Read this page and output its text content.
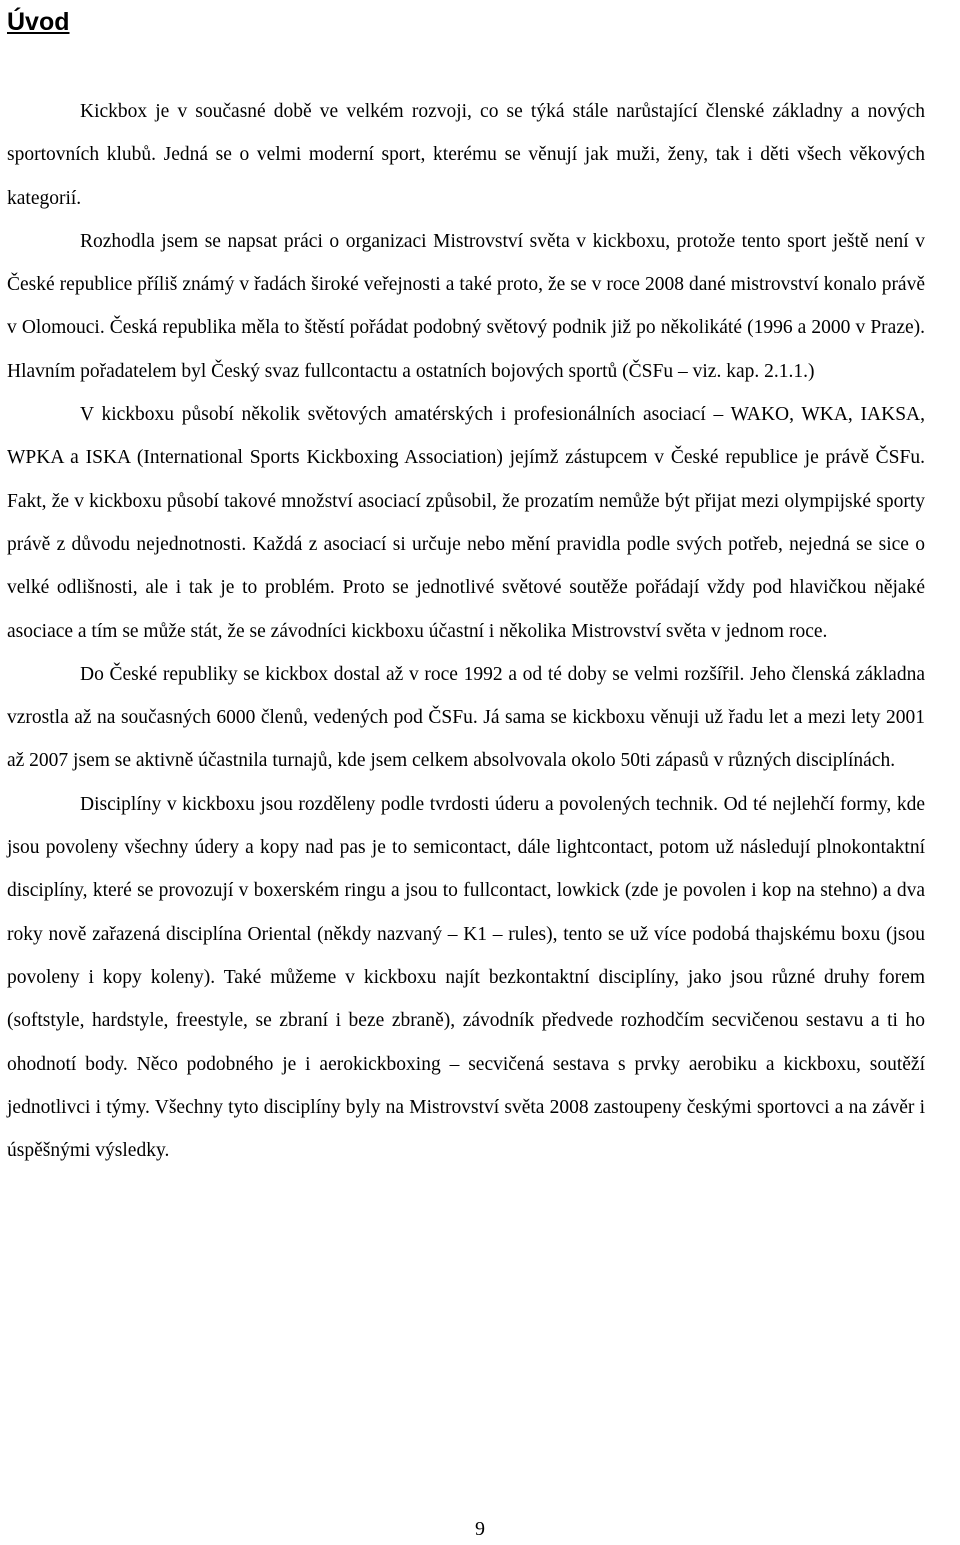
Úvod

Kickbox je v současné době ve velkém rozvoji, co se týká stále narůstající členské základny a nových sportovních klubů. Jedná se o velmi moderní sport, kterému se věnují jak muži, ženy, tak i děti všech věkových kategorií.

Rozhodla jsem se napsat práci o organizaci Mistrovství světa v kickboxu, protože tento sport ještě není v České republice příliš známý v řadách široké veřejnosti a také proto, že se v roce 2008 dané mistrovství konalo právě v Olomouci. Česká republika měla to štěstí pořádat podobný světový podnik již po několikáté (1996 a 2000 v Praze). Hlavním pořadatelem byl Český svaz fullcontactu a ostatních bojových sportů (ČSFu – viz. kap. 2.1.1.)

V kickboxu působí několik světových amatérských i profesionálních asociací – WAKO, WKA, IAKSA, WPKA a ISKA (International Sports Kickboxing Association) jejímž zástupcem v České republice je právě ČSFu. Fakt, že v kickboxu působí takové množství asociací způsobil, že prozatím nemůže být přijat mezi olympijské sporty právě z důvodu nejednotnosti. Každá z asociací si určuje nebo mění pravidla podle svých potřeb, nejedná se sice o velké odlišnosti, ale i tak je to problém. Proto se jednotlivé světové soutěže pořádají vždy pod hlavičkou nějaké asociace a tím se může stát, že se závodníci kickboxu účastní i několika Mistrovství světa v jednom roce.

Do České republiky se kickbox dostal až v roce 1992 a od té doby se velmi rozšířil. Jeho členská základna vzrostla až na současných 6000 členů, vedených pod ČSFu. Já sama se kickboxu věnuji už řadu let a mezi lety 2001 až 2007 jsem se aktivně účastnila turnajů, kde jsem celkem absolvovala okolo 50ti zápasů v různých disciplínách.

Disciplíny v kickboxu jsou rozděleny podle tvrdosti úderu a povolených technik. Od té nejlehčí formy, kde jsou povoleny všechny údery a kopy nad pas je to semicontact, dále lightcontact, potom už následují plnokontaktní disciplíny, které se provozují v boxerském ringu a jsou to fullcontact, lowkick (zde je povolen i kop na stehno) a dva roky nově zařazená disciplína Oriental (někdy nazvaný – K1 – rules), tento se už více podobá thajskému boxu (jsou povoleny i kopy koleny). Také můžeme v kickboxu najít bezkontaktní disciplíny, jako jsou různé druhy forem (softstyle, hardstyle, freestyle, se zbraní i beze zbraně), závodník předvede rozhodčím secvičenou sestavu a ti ho ohodnotí body. Něco podobného je i aerokickboxing – secvičená sestava s prvky aerobiku a kickboxu, soutěží jednotlivci i týmy. Všechny tyto disciplíny byly na Mistrovství světa 2008 zastoupeny českými sportovci a na závěr i úspěšnými výsledky.

9
